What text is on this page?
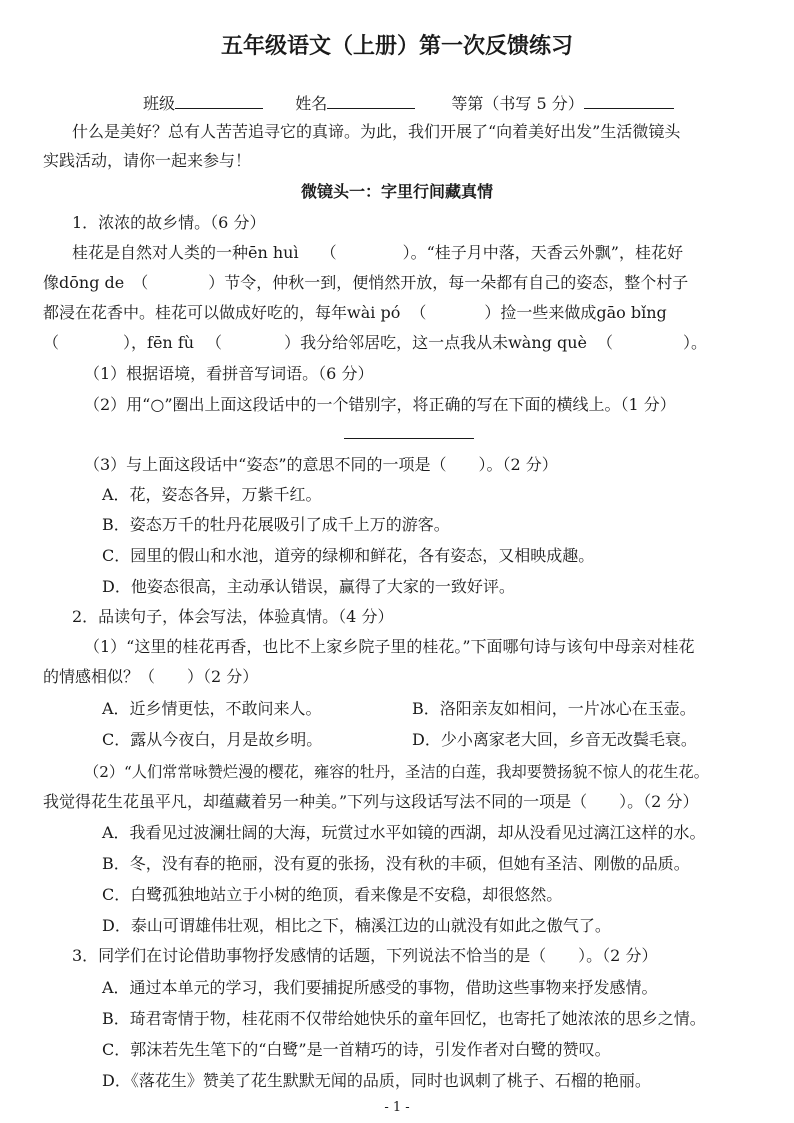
五年级语文（上册）第一次反馈练习
班级	姓名	等第（书写 5 分）
什么是美好？总有人苦苦追寻它的真谛。为此，我们开展了“向着美好出发”生活微镜头
实践活动，请你一起来参与！
微镜头一：字里行间藏真情
1．浓浓的故乡情。（6 分）
桂花是自然对人类的一种ēn huì （	）。“桂子月中落，天香云外飘”，桂花好
像dōng de （	）节令，仲秋一到，便悄然开放，每一朵都有自己的姿态，整个村子
都浸在花香中。桂花可以做成好吃的，每年wài pó （	）捡一些来做成gāo bǐng
（	），fēn fù （	）我分给邻居吃，这一点我从未wàng què （	）。
（1）根据语境，看拼音写词语。（6 分）
（2）用“○”圈出上面这段话中的一个错别字，将正确的写在下面的横线上。（1 分）
（3）与上面这段话中“姿态”的意思不同的一项是（　　）。（2 分）
A．花，姿态各异，万紫千红。
B．姿态万千的牡丹花展吸引了成千上万的游客。
C．园里的假山和水池，道旁的绿柳和鲜花，各有姿态，又相映成趣。
D．他姿态很高，主动承认错误，赢得了大家的一致好评。
2．品读句子，体会写法，体验真情。（4 分）
（1）“这里的桂花再香，也比不上家乡院子里的桂花。”下面哪句诗与该句中母亲对桂花
的情感相似？（　　）（2 分）
A．近乡情更怯，不敢问来人。	B．洛阳亲友如相问，一片冰心在玉壶。
C．露从今夜白，月是故乡明。	D．少小离家老大回，乡音无改鬓毛衰。
（2）“人们常常咏赞烂漫的樱花，雍容的牡丹，圣洁的白莲，我却要赞扬貌不惊人的花生花。
我觉得花生花虽平凡，却蕴藏着另一种美。”下列与这段话写法不同的一项是（　　）。（2 分）
A．我看见过波澜壮阔的大海，玩赏过水平如镜的西湖，却从没看见过漓江这样的水。
B．冬，没有春的艳丽，没有夏的张扬，没有秋的丰硕，但她有圣洁、刚傲的品质。
C．白鹭孤独地站立于小树的绝顶，看来像是不安稳，却很悠然。
D．泰山可谓雄伟壮观，相比之下，楠溪江边的山就没有如此之傲气了。
3．同学们在讨论借助事物抒发感情的话题，下列说法不恰当的是（　　）。（2 分）
A．通过本单元的学习，我们要捕捉所感受的事物，借助这些事物来抒发感情。
B．琦君寄情于物，桂花雨不仅带给她快乐的童年回忆，也寄托了她浓浓的思乡之情。
C．郭沫若先生笔下的“白鹭”是一首精巧的诗，引发作者对白鹭的赞叹。
D．《落花生》赞美了花生默默无闻的品质，同时也讽刺了桃子、石榴的艳丽。
- 1 -
